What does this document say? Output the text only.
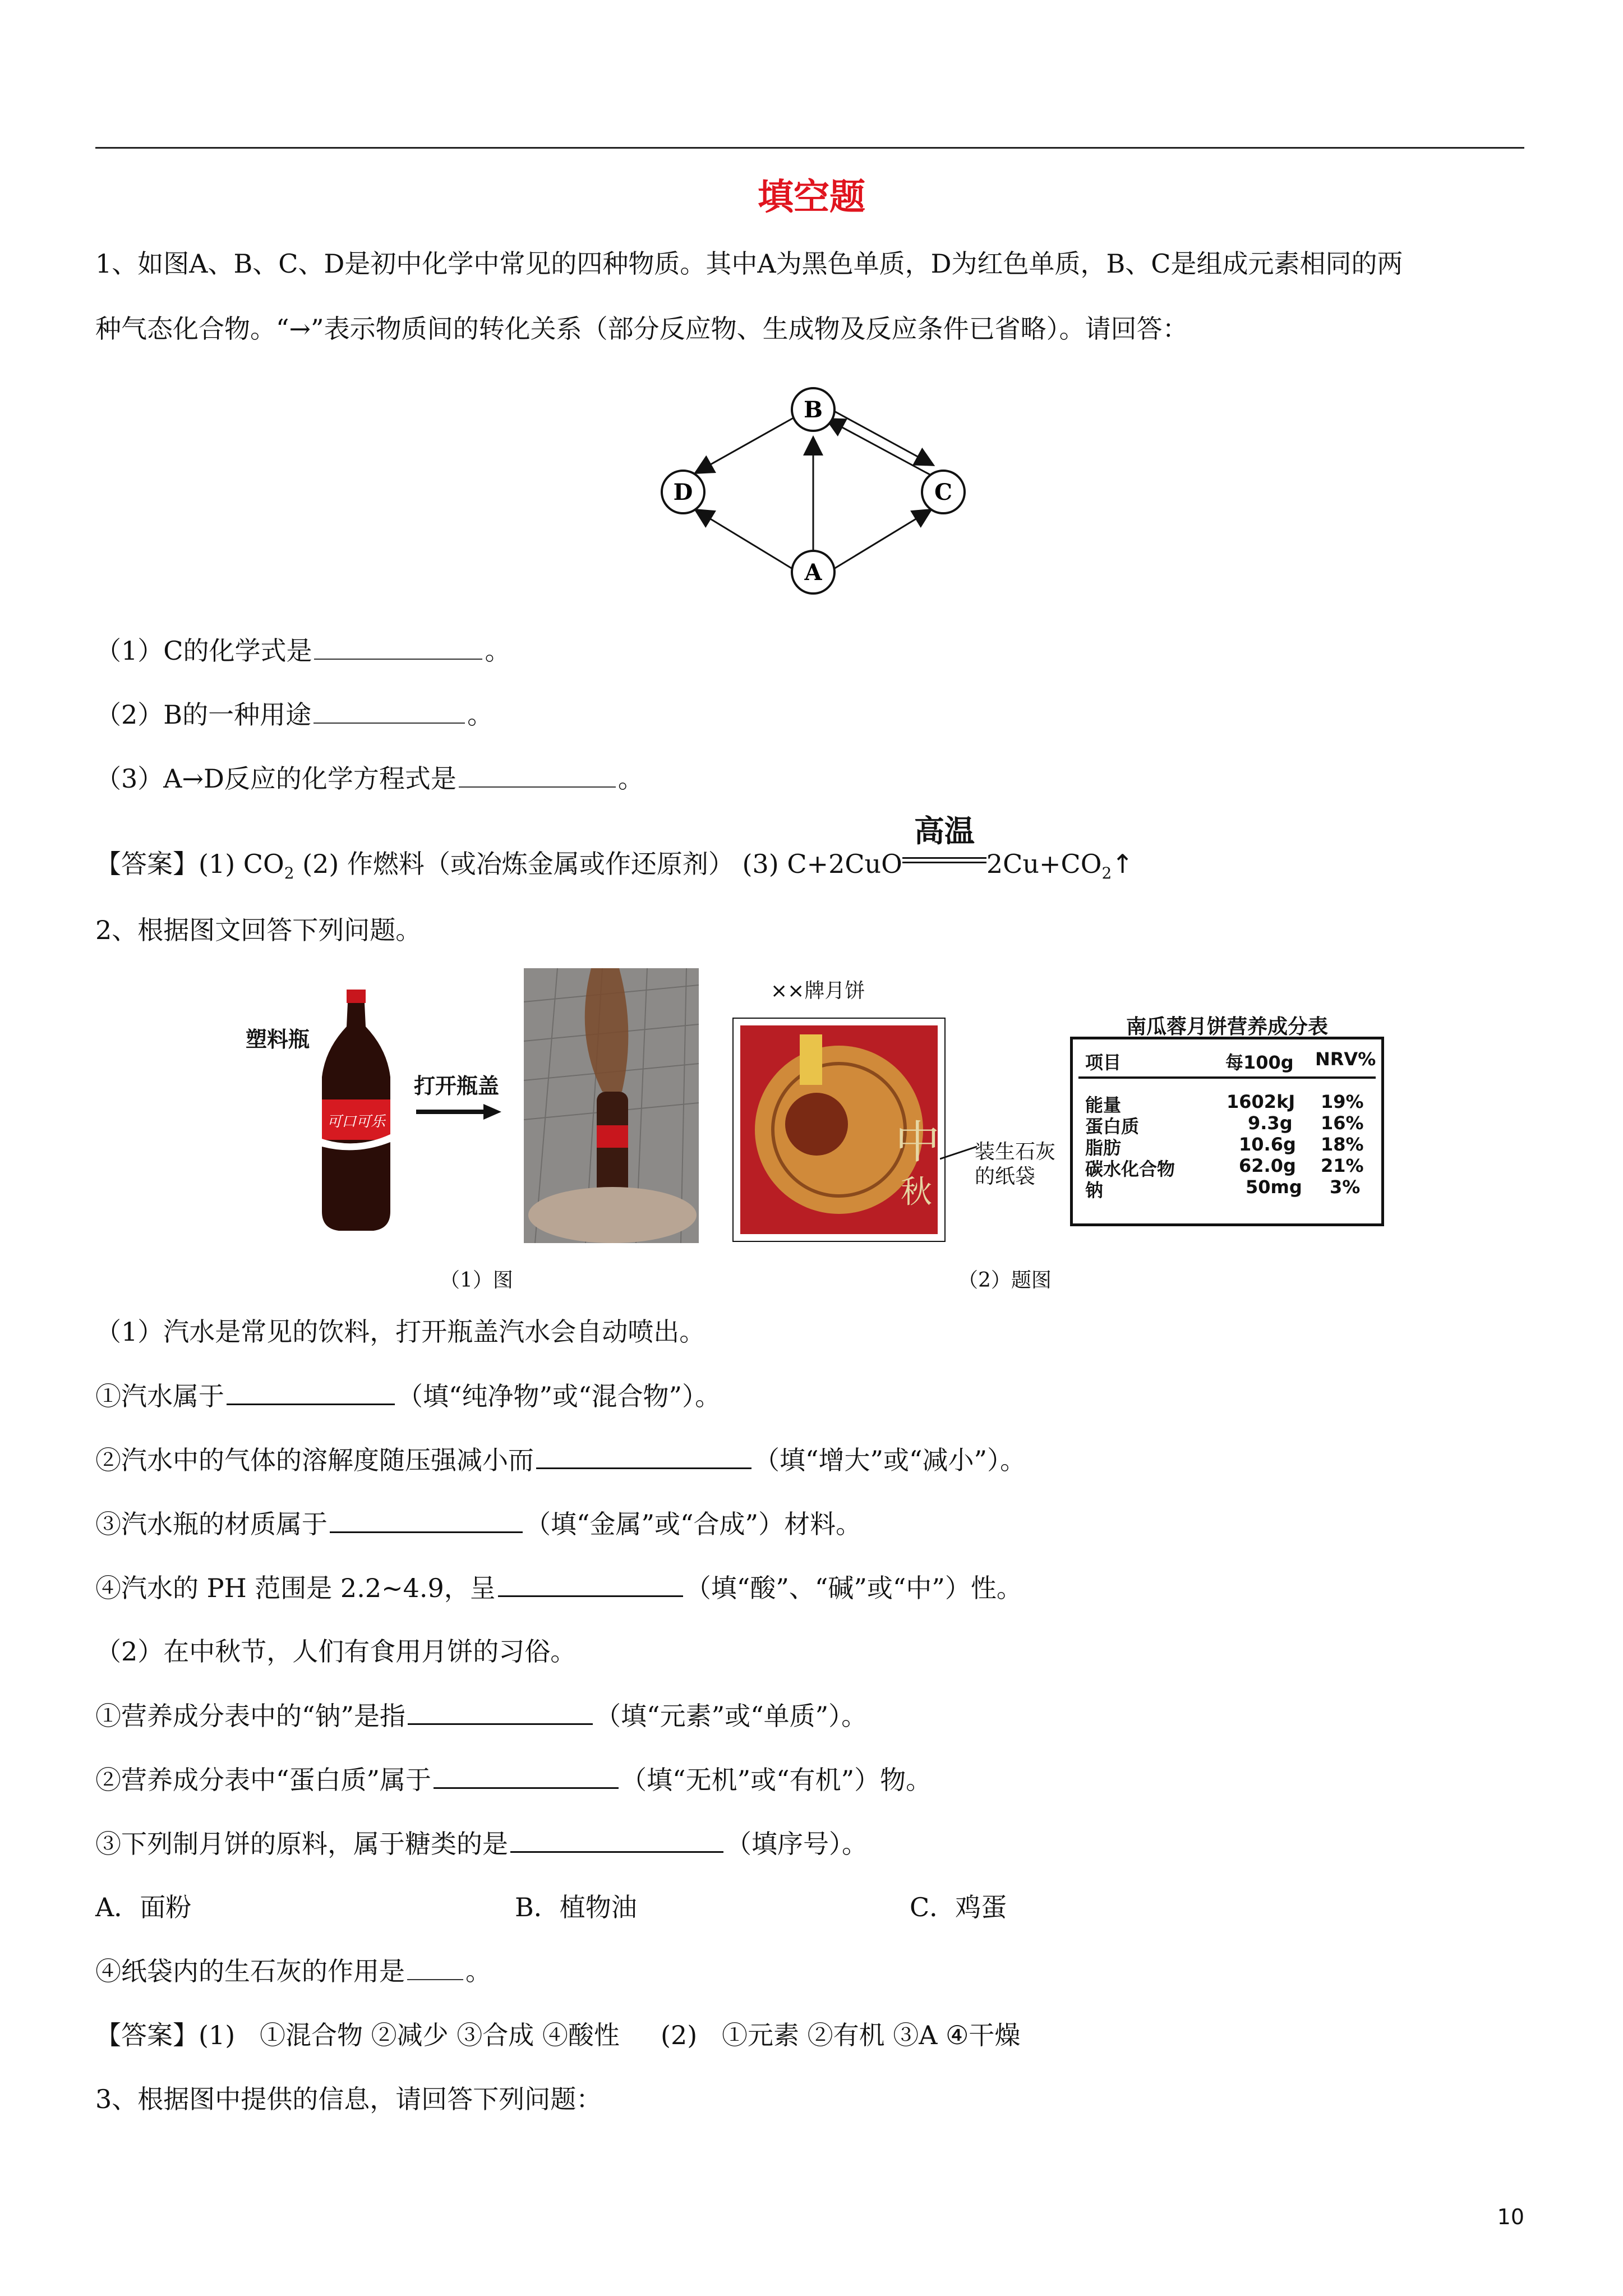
填空题
1、如图A、B、C、D是初中化学中常见的四种物质。其中A为黑色单质，D为红色单质，B、C是组成元素相同的两
种气态化合物。“→”表示物质间的转化关系（部分反应物、生成物及反应条件已省略）。请回答：
B
D	C
A
（1）C的化学式是	。
（2）B的一种用途	。
（3）A→D反应的化学方程式是	。
【答案】(1) $CO_2$ (2) 作燃料（或冶炼金属或作还原剂） (3) C+2CuO
高温
$2Cu+CO_2↑$
2、根据图文回答下列问题。
塑料瓶
可口可乐
打开瓶盖
××牌月饼
中
秋
装生石灰
的纸袋
南瓜蓉月饼营养成分表
项目	每100g NRV%
能量	1602kJ 19%
蛋白质	9.3g 16%
脂肪	10.6g 18%
碳水化合物	62.0g 21%
钠	50mg 3%
（1）图	（2）题图
（1）汽水是常见的饮料，打开瓶盖汽水会自动喷出。
①汽水属于	（填“纯净物”或“混合物”）。
②汽水中的气体的溶解度随压强减小而	（填“增大”或“减小”）。
③汽水瓶的材质属于	（填“金属”或“合成”）材料。
④汽水的 PH 范围是 2.2~4.9，呈	（填“酸”、“碱”或“中”）性。
（2）在中秋节，人们有食用月饼的习俗。
①营养成分表中的“钠”是指	（填“元素”或“单质”）。
②营养成分表中“蛋白质”属于	（填“无机”或“有机”）物。
③下列制月饼的原料，属于糖类的是	（填序号）。
A．面粉	B．植物油	C．鸡蛋
④纸袋内的生石灰的作用是 。
【答案】(1)   ①混合物 ②减少 ③合成 ④酸性     (2)   ①元素 ②有机 ③A ④干燥
3、根据图中提供的信息，请回答下列问题：
10
